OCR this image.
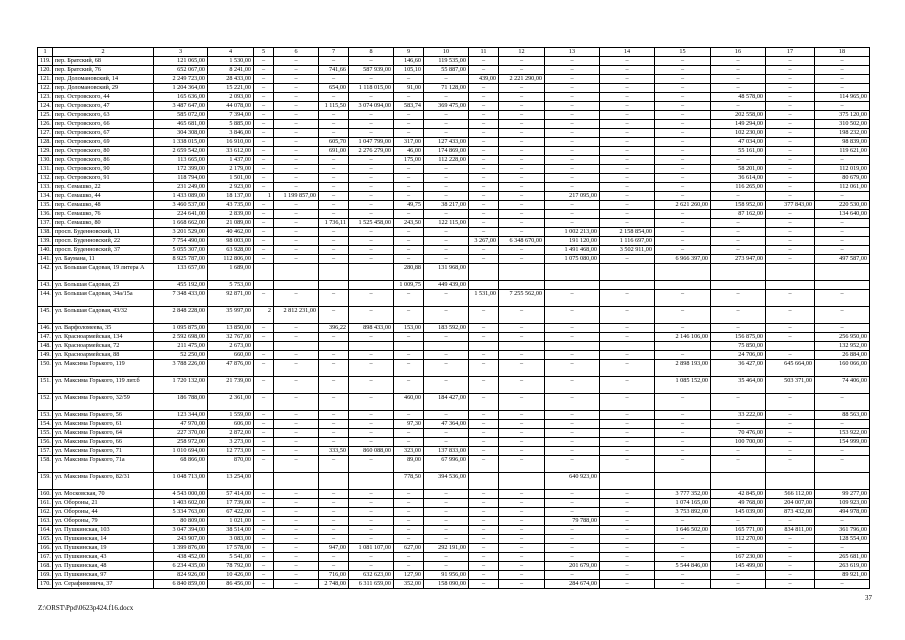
1	2	3	4	5	6	7	8	9	10	11	12	13	14	15	16	17	18
119.	пер. Братский, 68	121 065,00	1 530,00	–	–	–	–	146,60	119 535,00	–	–	–	–	–	–	–	–
120.	пер. Братский, 76	652 067,00	8 241,00	–	–	741,66	587 939,00	105,10	55 887,00	–	–	–	–	–	–	–	–
121.	пер. Доломановский, 14	2 249 723,00	28 433,00	–	–	–	–	–	–	439,00	2 221 290,00	–	–	–	–	–	–
122.	пер. Доломановский, 29	1 204 364,00	15 221,00	–	–	654,00	1 118 015,00	91,00	71 128,00	–	–	–	–	–	–	–	–
123.	пер. Островского, 44	165 636,00	2 093,00	–	–	–	–	–	–	–	–	–	–	–	48 578,00	–	114 965,00
124.	пер. Островского, 47	3 487 647,00	44 078,00	–	–	1 115,50	3 074 094,00	583,74	369 475,00	–	–	–	–	–	–	–	–
125.	пер. Островского, 63	585 072,00	7 394,00	–	–	–	–	–	–	–	–	–	–	–	202 558,00	–	375 120,00
126.	пер. Островского, 66	465 681,00	5 885,00	–	–	–	–	–	–	–	–	–	–	–	149 294,00	–	310 502,00
127.	пер. Островского, 67	304 308,00	3 846,00	–	–	–	–	–	–	–	–	–	–	–	102 230,00	–	198 232,00
128.	пер. Островского, 69	1 338 015,00	16 910,00	–	–	605,70	1 047 799,00	317,00	127 433,00	–	–	–	–	–	47 034,00	–	98 839,00
129.	пер. Островского, 80	2 659 542,00	33 612,00	–	–	691,00	2 276 279,00	46,00	174 869,00	–	–	–	–	–	55 161,00	–	119 621,00
130.	пер. Островского, 86	113 665,00	1 437,00	–	–	–	–	175,00	112 228,00	–	–	–	–	–	–	–	–
131.	пер. Островского, 90	172 399,00	2 179,00	–	–	–	–	–	–	–	–	–	–	–	58 201,00	–	112 019,00
132.	пер. Островского, 91	118 794,00	1 501,00	–	–	–	–	–	–	–	–	–	–	–	36 614,00	–	80 679,00
133.	пер. Семашко, 22	231 249,00	2 923,00	–	–	–	–	–	–	–	–	–	–	–	116 265,00	–	112 061,00
134.	пер. Семашко, 44	1 433 089,00	18 137,00	1	1 199 857,00	–	–	–	–	–	–	217 095,00	–	–	–	–	–
135.	пер. Семашко, 48	3 460 537,00	43 735,00	–	–	–	–	49,75	38 217,00	–	–	–	–	2 621 260,00	158 952,00	377 843,00	220 530,00
136.	пер. Семашко, 76	224 641,00	2 839,00	–	–	–	–	–	–	–	–	–	–	–	87 162,00	–	134 640,00
137.	пер. Семашко, 80	1 668 662,00	21 089,00	–	–	1 736,11	1 525 458,00	243,50	122 115,00	–	–	–	–	–	–	–	–
138.	просп. Буденновский, 11	3 201 529,00	40 462,00	–	–	–	–	–	–	–	–	1 002 213,00	2 158 854,00	–	–	–	–
139.	просп. Буденновский, 22	7 754 490,00	98 003,00	–	–	–	–	–	–	3 267,00	6 348 670,00	191 120,00	1 116 697,00	–	–	–	–
140.	просп. Буденновский, 37	5 055 307,00	63 928,00	–	–	–	–	–	–	–	–	1 491 468,00	3 502 911,00	–	–	–	–
141.	ул. Баумана, 11	8 925 787,00	112 806,00	–	–	–	–	–	–	–	–	1 075 080,00	–	6 966 397,00	273 947,00	–	497 587,00
142.	ул. Большая Садовая, 19 литера А	133 657,00	1 689,00					280,88	131 968,00								
143.	ул. Большая Садовая, 23	455 192,00	5 753,00					1 009,75	449 439,00								
144.	ул. Большая Садовая, 34а/15а	7 348 433,00	92 871,00	–	–	–	–	–	–	1 531,00	7 255 562,00	–	–	–	–	–	–
145.	ул. Большая Садовая, 43/32	2 848 228,00	35 997,00	2	2 812 231,00	–	–	–	–	–	–	–	–	–	–	–	–
146.	ул. Варфоломеева, 35	1 095 875,00	13 850,00	–	–	396,22	898 433,00	153,00	183 592,00	–	–	–	–	–	–	–	–
147.	ул. Красноармейская, 134	2 592 698,00	32 767,00	–	–	–	–	–	–	–	–	–	–	2 146 106,00	156 875,00	–	256 950,00
148.	ул. Красноармейская, 72	211 475,00	2 673,00												75 850,00		132 952,00
149.	ул. Красноармейская, 88	52 250,00	660,00	–	–	–	–	–	–	–	–	–	–	–	24 706,00	–	26 884,00
150.	ул. Максима Горького, 119	3 788 226,00	47 876,00	–	–	–	–	–	–	–	–	–	–	2 898 193,00	36 427,00	645 664,00	160 066,00
151.	ул. Максима Горького, 119 лит.б	1 720 132,00	21 739,00	–	–	–	–	–	–	–	–	–	–	1 085 152,00	35 464,00	503 371,00	74 406,00
152.	ул. Максима Горького, 32/59	186 788,00	2 361,00	–	–	–	–	460,00	184 427,00	–	–	–	–	–	–	–	–
153.	ул. Максима Горького, 56	123 344,00	1 559,00	–	–	–	–	–	–	–	–	–	–	–	33 222,00	–	88 563,00
154.	ул. Максима Горького, 61	47 970,00	606,00	–	–	–	–	97,30	47 364,00	–	–	–	–	–	–	–	–
155.	ул. Максима Горького, 64	227 370,00	2 872,00	–	–	–	–	–	–	–	–	–	–	–	70 476,00	–	153 922,00
156.	ул. Максима Горького, 66	258 972,00	3 273,00	–	–	–	–	–	–	–	–	–	–	–	100 700,00	–	154 999,00
157.	ул. Максима Горького, 71	1 010 694,00	12 773,00	–	–	333,50	860 088,00	323,00	137 833,00	–	–	–	–	–	–	–	–
158.	ул. Максима Горького, 71а	68 866,00	870,00	–	–	–	–	89,00	67 996,00	–	–	–	–	–	–	–	–
159.	ул. Максима Горького, 82/31	1 048 713,00	13 254,00					778,50	394 536,00			640 923,00					
160.	ул. Московская, 70	4 543 000,00	57 414,00	–	–	–	–	–	–	–	–	–	–	3 777 352,00	42 845,00	566 112,00	99 277,00
161.	ул. Обороны, 21	1 403 602,00	17 739,00	–	–	–	–	–	–	–	–	–	–	1 074 165,00	49 768,00	204 007,00	109 923,00
162.	ул. Обороны, 44	5 334 763,00	67 422,00	–	–	–	–	–	–	–	–	–	–	3 753 892,00	145 039,00	873 432,00	494 978,00
163.	ул. Обороны, 79	80 809,00	1 021,00	–	–	–	–	–	–	–	–	79 788,00	–	–	–	–	–
164.	ул. Пушкинская, 103	3 047 394,00	38 514,00	–	–	–	–	–	–	–	–	–	–	1 646 502,00	165 771,00	834 811,00	361 796,00
165.	ул. Пушкинская, 14	243 907,00	3 083,00	–	–	–	–	–	–	–	–	–	–	–	112 270,00	–	128 554,00
166.	ул. Пушкинская, 19	1 399 876,00	17 578,00	–	–	947,00	1 081 107,00	627,00	292 191,00	–	–	–	–	–	–	–	–
167.	ул. Пушкинская, 43	438 452,00	5 541,00	–	–	–	–	–	–	–	–	–	–	–	167 230,00	–	265 681,00
168.	ул. Пушкинская, 48	6 234 435,00	78 792,00	–	–	–	–	–	–	–	–	201 679,00	–	5 544 846,00	145 499,00	–	263 619,00
169.	ул. Пушкинская, 97	824 926,00	10 426,00	–	–	716,00	632 623,00	127,90	91 956,00	–	–	–	–	–	–	–	89 921,00
170.	ул. Серафимовича, 37	6 840 859,00	86 456,00	–	–	2 748,00	6 311 659,00	352,00	158 090,00	–	–	284 674,00	–	–	–	–	–
37
Z:\ORST\Ppd\0623p424.f16.docx
